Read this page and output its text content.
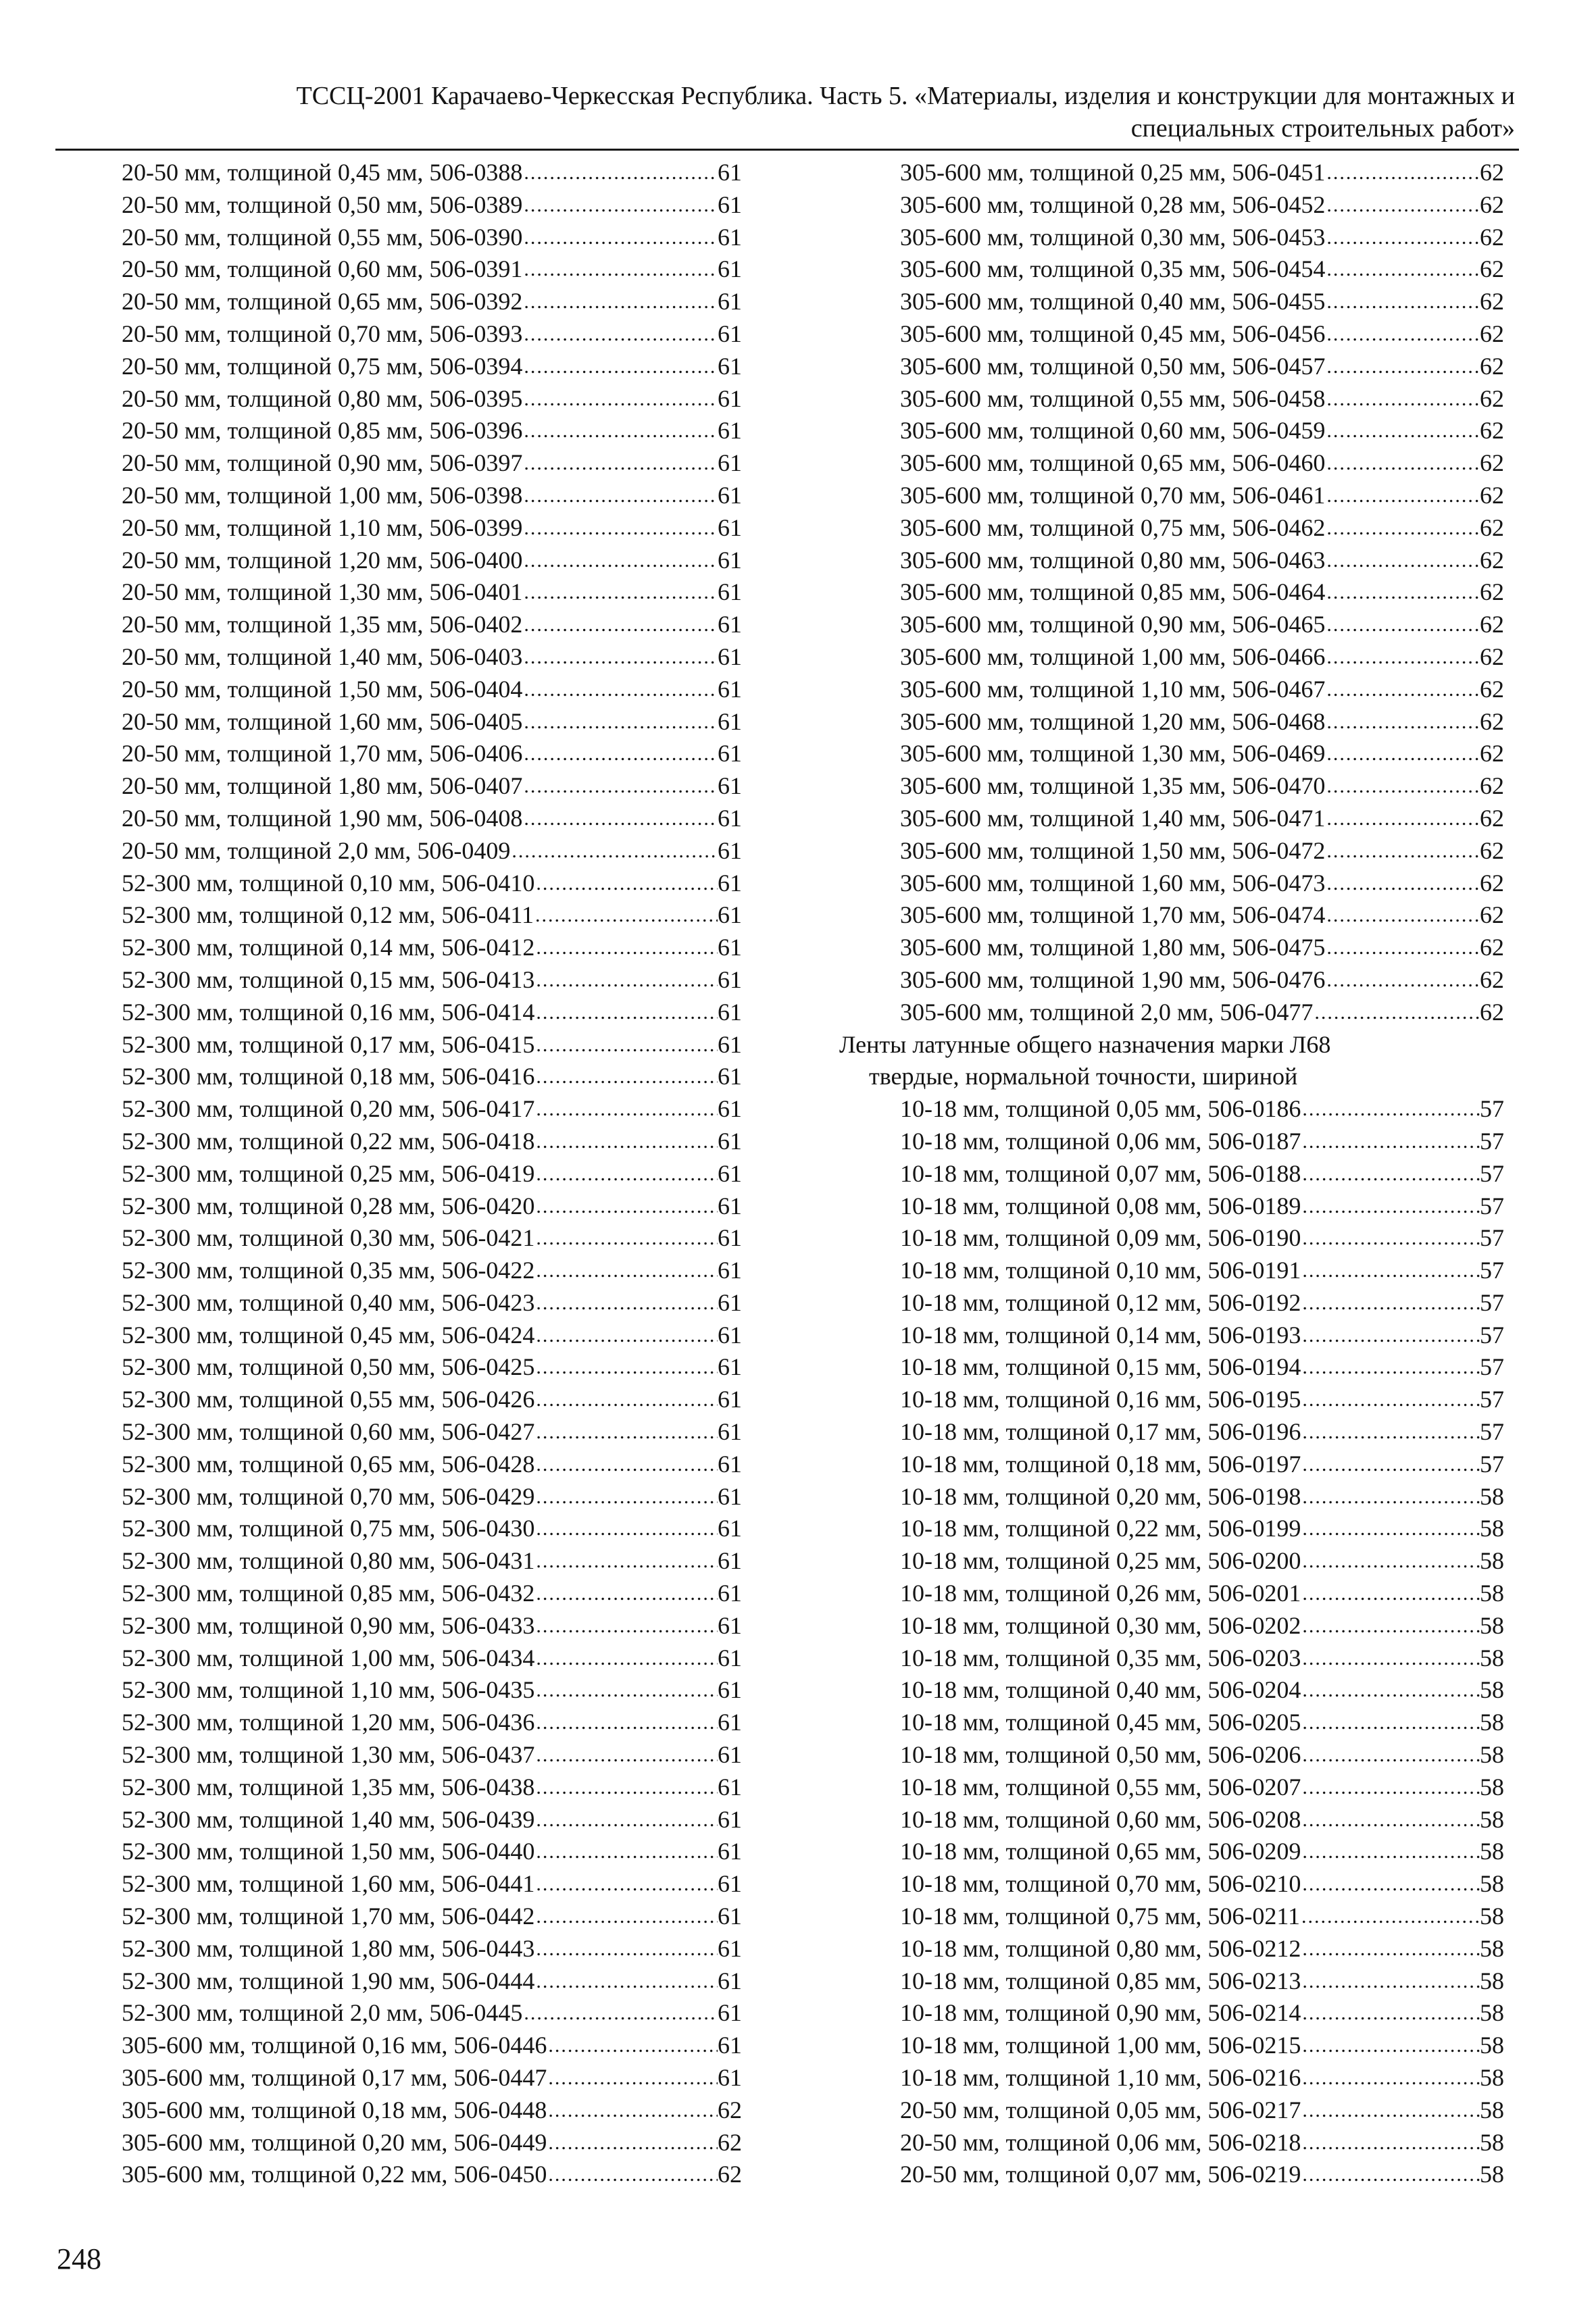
ТССЦ-2001 Карачаево-Черкесская Республика. Часть 5. «Материалы, изделия и конструкции для монтажных и
специальных строительных работ»
20-50 мм, толщиной 0,45 мм, 506-0388 .....	61
20-50 мм, толщиной 0,50 мм, 506-0389 .....	61
20-50 мм, толщиной 0,55 мм, 506-0390 .....	61
20-50 мм, толщиной 0,60 мм, 506-0391 .....	61
20-50 мм, толщиной 0,65 мм, 506-0392 .....	61
20-50 мм, толщиной 0,70 мм, 506-0393 .....	61
20-50 мм, толщиной 0,75 мм, 506-0394 .....	61
20-50 мм, толщиной 0,80 мм, 506-0395 .....	61
20-50 мм, толщиной 0,85 мм, 506-0396 .....	61
20-50 мм, толщиной 0,90 мм, 506-0397 .....	61
20-50 мм, толщиной 1,00 мм, 506-0398 .....	61
20-50 мм, толщиной 1,10 мм, 506-0399 .....	61
20-50 мм, толщиной 1,20 мм, 506-0400 .....	61
20-50 мм, толщиной 1,30 мм, 506-0401 .....	61
20-50 мм, толщиной 1,35 мм, 506-0402 .....	61
20-50 мм, толщиной 1,40 мм, 506-0403 .....	61
20-50 мм, толщиной 1,50 мм, 506-0404 .....	61
20-50 мм, толщиной 1,60 мм, 506-0405 .....	61
20-50 мм, толщиной 1,70 мм, 506-0406 .....	61
20-50 мм, толщиной 1,80 мм, 506-0407 .....	61
20-50 мм, толщиной 1,90 мм, 506-0408 .....	61
20-50 мм, толщиной 2,0 мм, 506-0409 .....	61
52-300 мм, толщиной 0,10 мм, 506-0410 .....	61
52-300 мм, толщиной 0,12 мм, 506-0411 .....	61
52-300 мм, толщиной 0,14 мм, 506-0412 .....	61
52-300 мм, толщиной 0,15 мм, 506-0413 .....	61
52-300 мм, толщиной 0,16 мм, 506-0414 .....	61
52-300 мм, толщиной 0,17 мм, 506-0415 .....	61
52-300 мм, толщиной 0,18 мм, 506-0416 .....	61
52-300 мм, толщиной 0,20 мм, 506-0417 .....	61
52-300 мм, толщиной 0,22 мм, 506-0418 .....	61
52-300 мм, толщиной 0,25 мм, 506-0419 .....	61
52-300 мм, толщиной 0,28 мм, 506-0420 .....	61
52-300 мм, толщиной 0,30 мм, 506-0421 .....	61
52-300 мм, толщиной 0,35 мм, 506-0422 .....	61
52-300 мм, толщиной 0,40 мм, 506-0423 .....	61
52-300 мм, толщиной 0,45 мм, 506-0424 .....	61
52-300 мм, толщиной 0,50 мм, 506-0425 .....	61
52-300 мм, толщиной 0,55 мм, 506-0426 .....	61
52-300 мм, толщиной 0,60 мм, 506-0427 .....	61
52-300 мм, толщиной 0,65 мм, 506-0428 .....	61
52-300 мм, толщиной 0,70 мм, 506-0429 .....	61
52-300 мм, толщиной 0,75 мм, 506-0430 .....	61
52-300 мм, толщиной 0,80 мм, 506-0431 .....	61
52-300 мм, толщиной 0,85 мм, 506-0432 .....	61
52-300 мм, толщиной 0,90 мм, 506-0433 .....	61
52-300 мм, толщиной 1,00 мм, 506-0434 .....	61
52-300 мм, толщиной 1,10 мм, 506-0435 .....	61
52-300 мм, толщиной 1,20 мм, 506-0436 .....	61
52-300 мм, толщиной 1,30 мм, 506-0437 .....	61
52-300 мм, толщиной 1,35 мм, 506-0438 .....	61
52-300 мм, толщиной 1,40 мм, 506-0439 .....	61
52-300 мм, толщиной 1,50 мм, 506-0440 .....	61
52-300 мм, толщиной 1,60 мм, 506-0441 .....	61
52-300 мм, толщиной 1,70 мм, 506-0442 .....	61
52-300 мм, толщиной 1,80 мм, 506-0443 .....	61
52-300 мм, толщиной 1,90 мм, 506-0444 .....	61
52-300 мм, толщиной 2,0 мм, 506-0445 .....	61
305-600 мм, толщиной 0,16 мм, 506-0446 .....	61
305-600 мм, толщиной 0,17 мм, 506-0447 .....	61
305-600 мм, толщиной 0,18 мм, 506-0448 .....	62
305-600 мм, толщиной 0,20 мм, 506-0449 .....	62
305-600 мм, толщиной 0,22 мм, 506-0450 .....	62
305-600 мм, толщиной 0,25 мм, 506-0451 .....	62
305-600 мм, толщиной 0,28 мм, 506-0452 .....	62
305-600 мм, толщиной 0,30 мм, 506-0453 .....	62
305-600 мм, толщиной 0,35 мм, 506-0454 .....	62
305-600 мм, толщиной 0,40 мм, 506-0455 .....	62
305-600 мм, толщиной 0,45 мм, 506-0456 .....	62
305-600 мм, толщиной 0,50 мм, 506-0457 .....	62
305-600 мм, толщиной 0,55 мм, 506-0458 .....	62
305-600 мм, толщиной 0,60 мм, 506-0459 .....	62
305-600 мм, толщиной 0,65 мм, 506-0460 .....	62
305-600 мм, толщиной 0,70 мм, 506-0461 .....	62
305-600 мм, толщиной 0,75 мм, 506-0462 .....	62
305-600 мм, толщиной 0,80 мм, 506-0463 .....	62
305-600 мм, толщиной 0,85 мм, 506-0464 .....	62
305-600 мм, толщиной 0,90 мм, 506-0465 .....	62
305-600 мм, толщиной 1,00 мм, 506-0466 .....	62
305-600 мм, толщиной 1,10 мм, 506-0467 .....	62
305-600 мм, толщиной 1,20 мм, 506-0468 .....	62
305-600 мм, толщиной 1,30 мм, 506-0469 .....	62
305-600 мм, толщиной 1,35 мм, 506-0470 .....	62
305-600 мм, толщиной 1,40 мм, 506-0471 .....	62
305-600 мм, толщиной 1,50 мм, 506-0472 .....	62
305-600 мм, толщиной 1,60 мм, 506-0473 .....	62
305-600 мм, толщиной 1,70 мм, 506-0474 .....	62
305-600 мм, толщиной 1,80 мм, 506-0475 .....	62
305-600 мм, толщиной 1,90 мм, 506-0476 .....	62
305-600 мм, толщиной 2,0 мм, 506-0477 .....	62
Ленты латунные общего назначения марки Л68
твердые, нормальной точности, шириной
10-18 мм, толщиной 0,05 мм, 506-0186 .....	57
10-18 мм, толщиной 0,06 мм, 506-0187 .....	57
10-18 мм, толщиной 0,07 мм, 506-0188 .....	57
10-18 мм, толщиной 0,08 мм, 506-0189 .....	57
10-18 мм, толщиной 0,09 мм, 506-0190 .....	57
10-18 мм, толщиной 0,10 мм, 506-0191 .....	57
10-18 мм, толщиной 0,12 мм, 506-0192 .....	57
10-18 мм, толщиной 0,14 мм, 506-0193 .....	57
10-18 мм, толщиной 0,15 мм, 506-0194 .....	57
10-18 мм, толщиной 0,16 мм, 506-0195 .....	57
10-18 мм, толщиной 0,17 мм, 506-0196 .....	57
10-18 мм, толщиной 0,18 мм, 506-0197 .....	57
10-18 мм, толщиной 0,20 мм, 506-0198 .....	58
10-18 мм, толщиной 0,22 мм, 506-0199 .....	58
10-18 мм, толщиной 0,25 мм, 506-0200 .....	58
10-18 мм, толщиной 0,26 мм, 506-0201 .....	58
10-18 мм, толщиной 0,30 мм, 506-0202 .....	58
10-18 мм, толщиной 0,35 мм, 506-0203 .....	58
10-18 мм, толщиной 0,40 мм, 506-0204 .....	58
10-18 мм, толщиной 0,45 мм, 506-0205 .....	58
10-18 мм, толщиной 0,50 мм, 506-0206 .....	58
10-18 мм, толщиной 0,55 мм, 506-0207 .....	58
10-18 мм, толщиной 0,60 мм, 506-0208 .....	58
10-18 мм, толщиной 0,65 мм, 506-0209 .....	58
10-18 мм, толщиной 0,70 мм, 506-0210 .....	58
10-18 мм, толщиной 0,75 мм, 506-0211 .....	58
10-18 мм, толщиной 0,80 мм, 506-0212 .....	58
10-18 мм, толщиной 0,85 мм, 506-0213 .....	58
10-18 мм, толщиной 0,90 мм, 506-0214 .....	58
10-18 мм, толщиной 1,00 мм, 506-0215 .....	58
10-18 мм, толщиной 1,10 мм, 506-0216 .....	58
20-50 мм, толщиной 0,05 мм, 506-0217 .....	58
20-50 мм, толщиной 0,06 мм, 506-0218 .....	58
20-50 мм, толщиной 0,07 мм, 506-0219 .....	58
248
